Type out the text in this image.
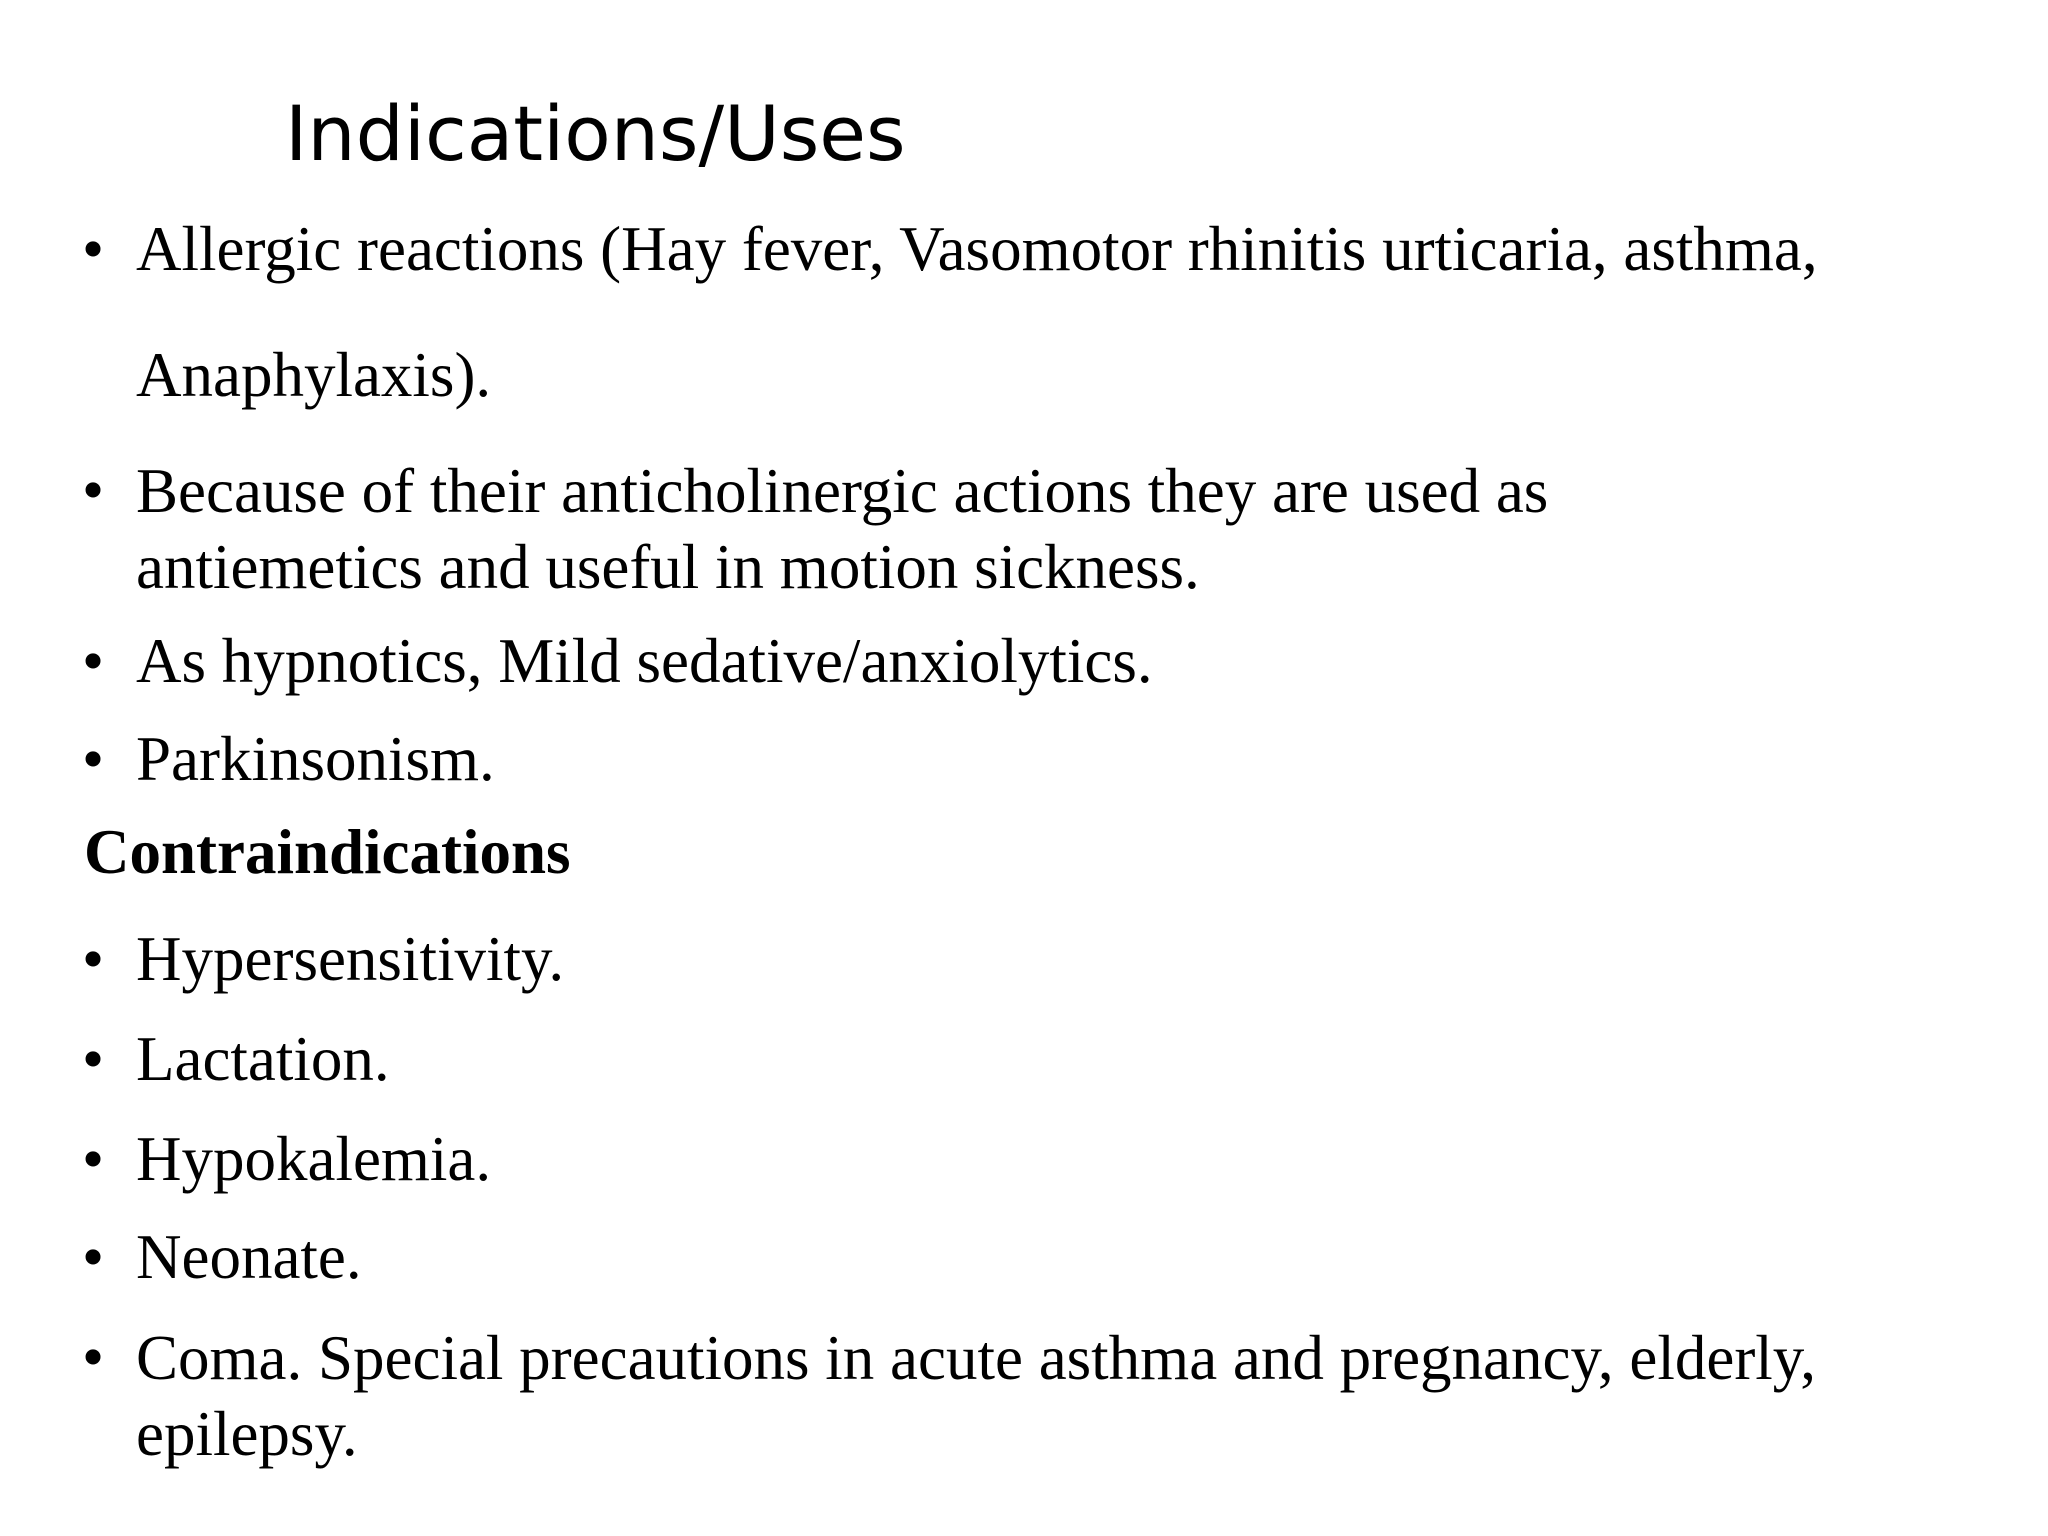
Indications/Uses
• Allergic reactions (Hay fever, Vasomotor rhinitis urticaria, asthma,
Anaphylaxis).
• Because of their anticholinergic actions they are used as
antiemetics and useful in motion sickness.
• As hypnotics, Mild sedative/anxiolytics.
• Parkinsonism.
Contraindications
• Hypersensitivity.
• Lactation.
• Hypokalemia.
• Neonate.
• Coma. Special precautions in acute asthma and pregnancy, elderly,
epilepsy.
